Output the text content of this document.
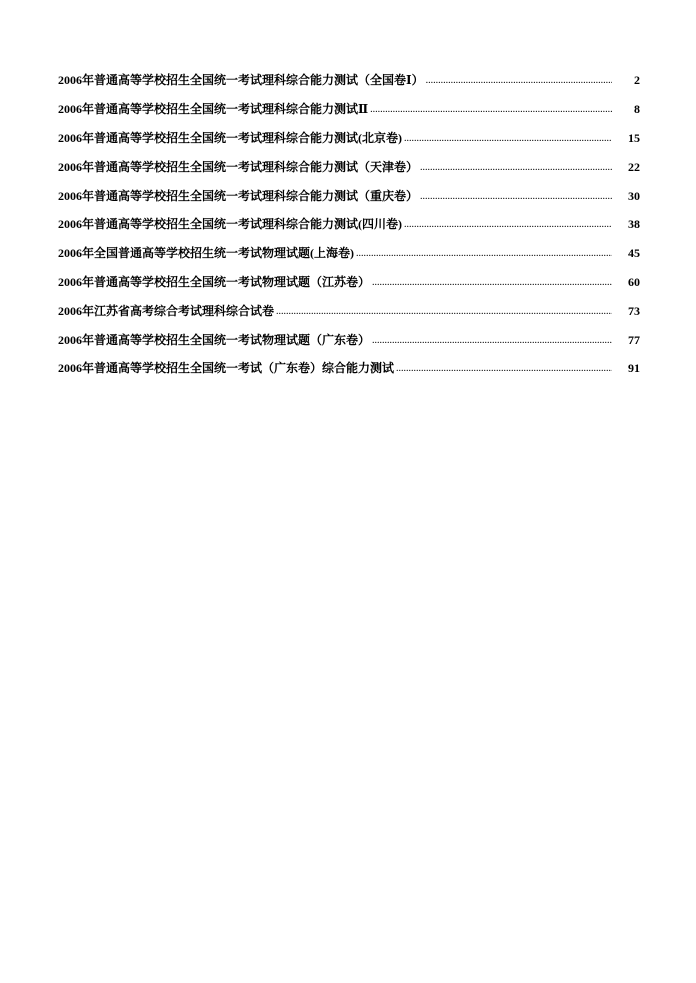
2006年普通高等学校招生全国统一考试理科综合能力测试（全国卷Ⅰ） .....	2
2006年普通高等学校招生全国统一考试理科综合能力测试Ⅱ .....	8
2006年普通高等学校招生全国统一考试理科综合能力测试(北京卷) .....	15
2006年普通高等学校招生全国统一考试理科综合能力测试（天津卷） .....	22
2006年普通高等学校招生全国统一考试理科综合能力测试（重庆卷） .....	30
2006年普通高等学校招生全国统一考试理科综合能力测试(四川卷) .....	38
2006年全国普通高等学校招生统一考试物理试题(上海卷) .....	45
2006年普通高等学校招生全国统一考试物理试题（江苏卷） .....	60
2006年江苏省高考综合考试理科综合试卷 .....	73
2006年普通高等学校招生全国统一考试物理试题（广东卷） .....	77
2006年普通高等学校招生全国统一考试（广东卷）综合能力测试 .....	91
